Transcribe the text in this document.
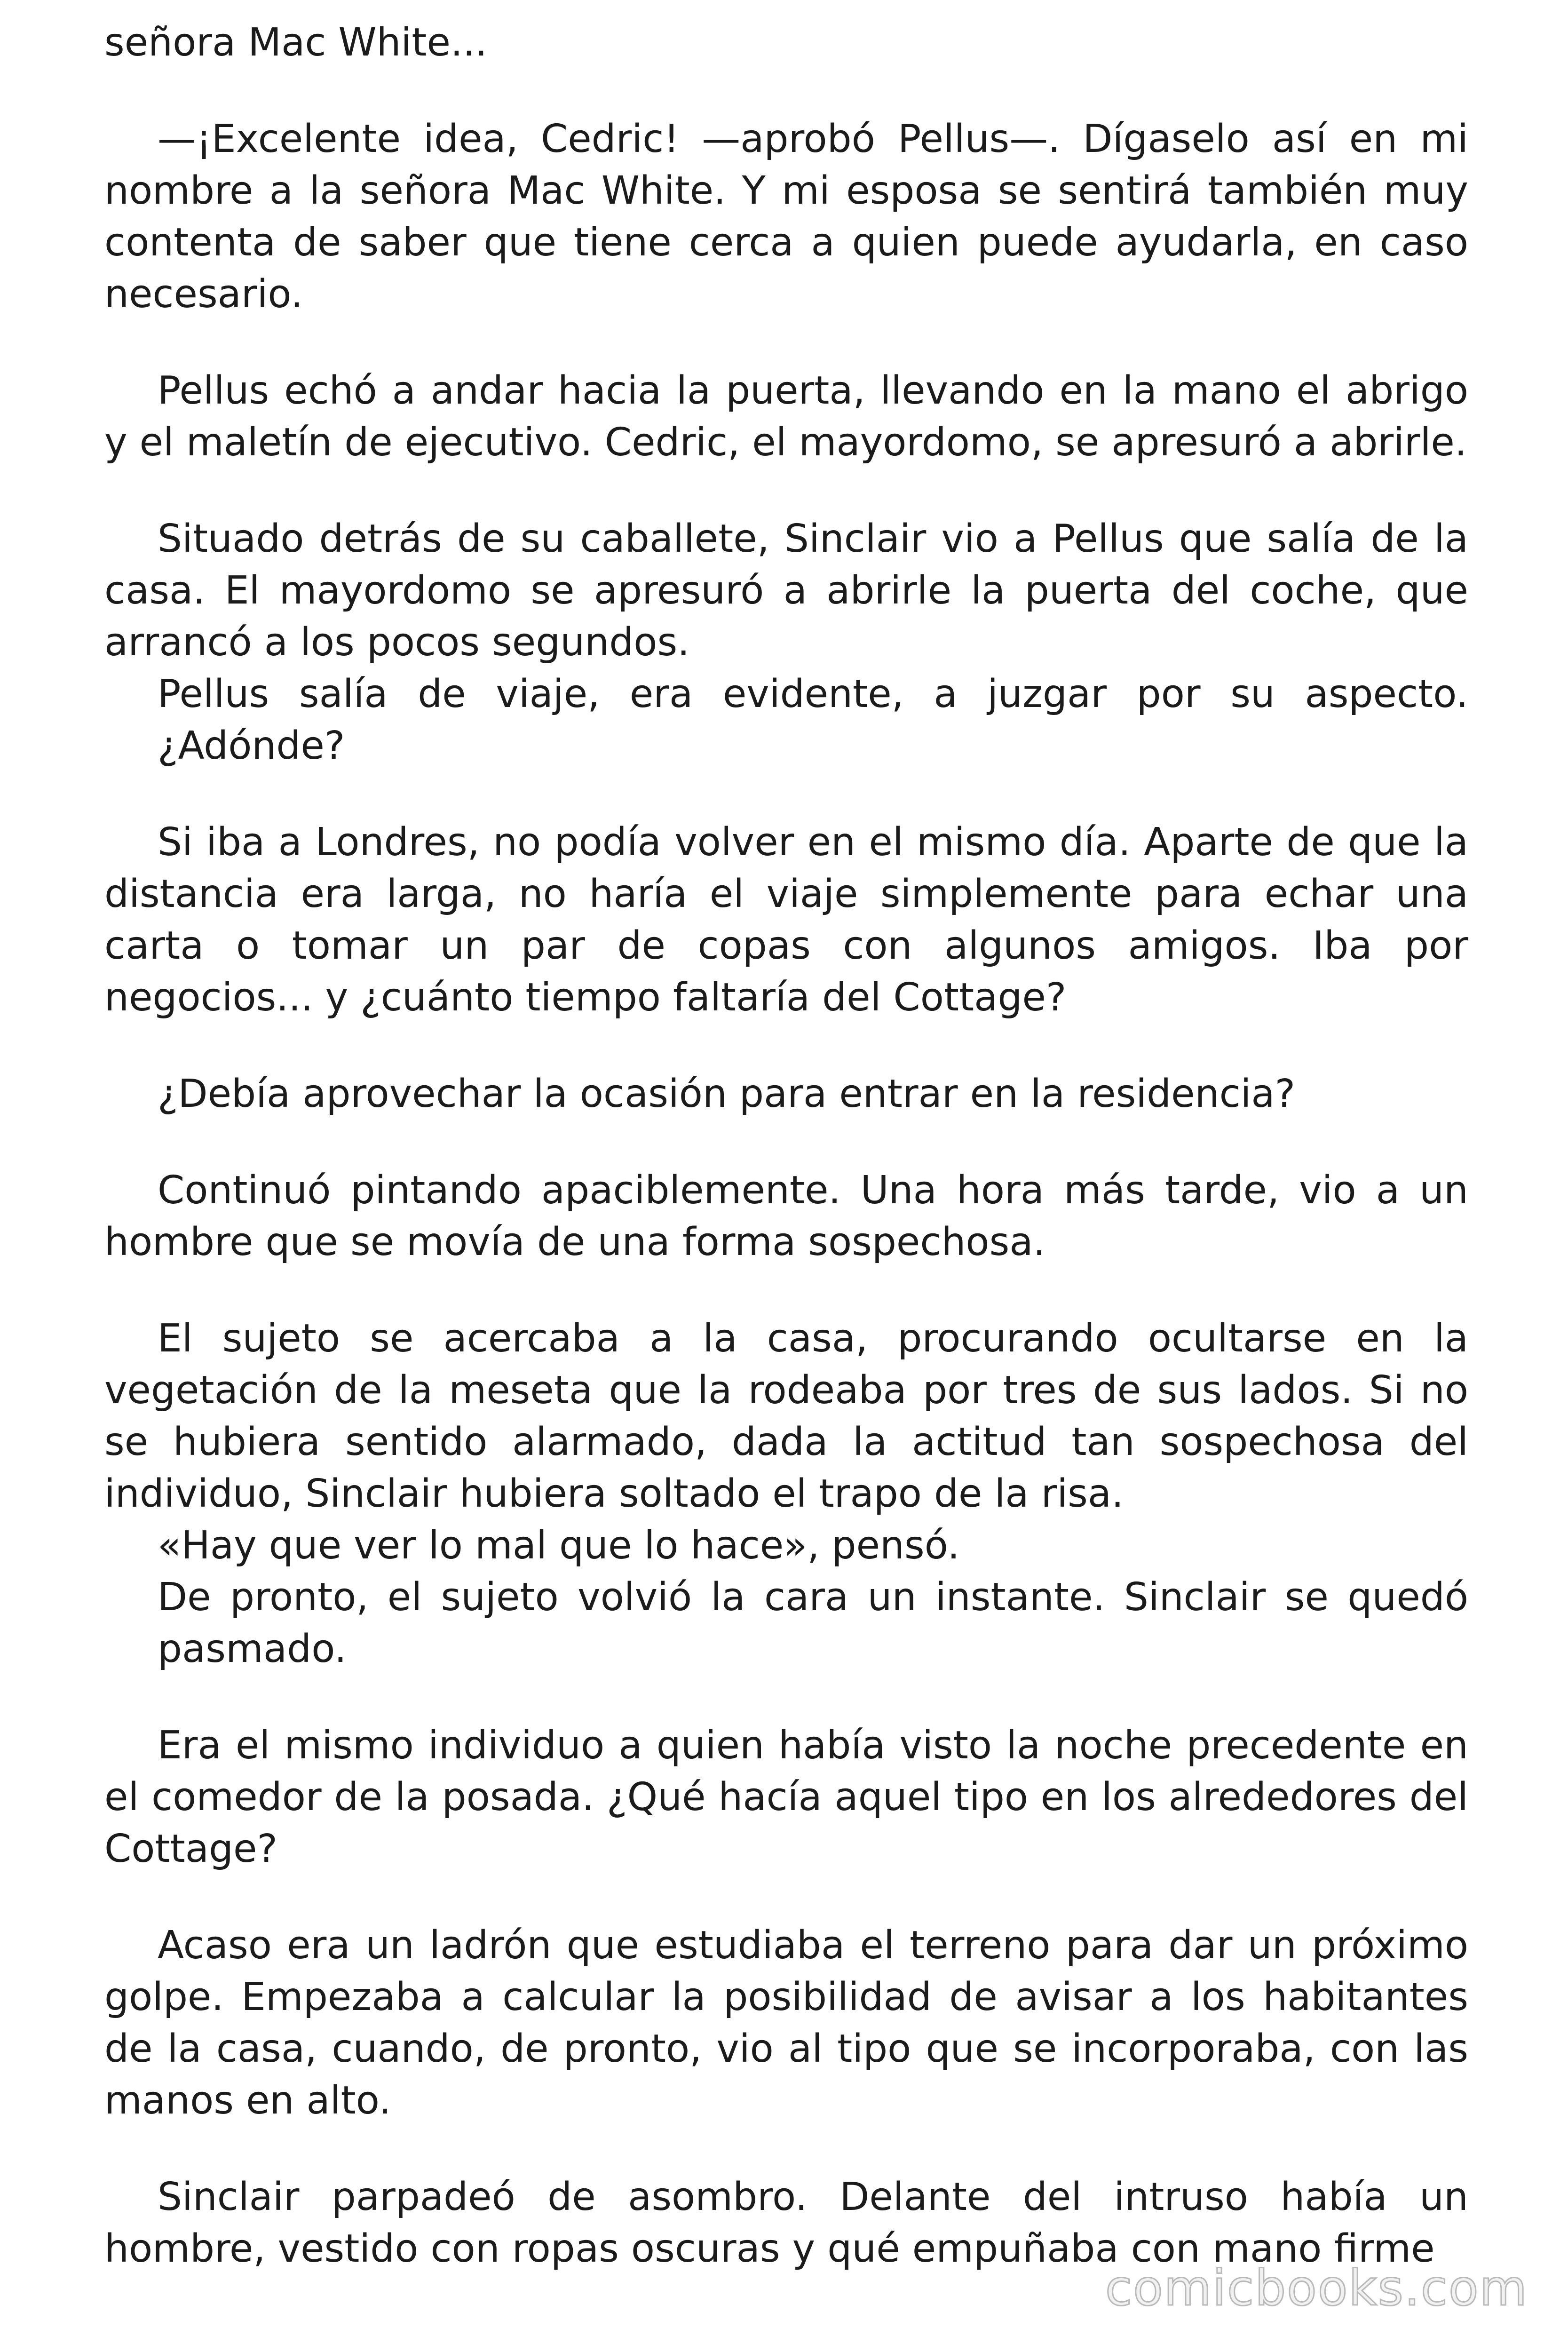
señora Mac White...

—¡Excelente idea, Cedric! —aprobó Pellus—. Dígaselo así en mi nombre a la señora Mac White. Y mi esposa se sentirá también muy contenta de saber que tiene cerca a quien puede ayudarla, en caso necesario.

Pellus echó a andar hacia la puerta, llevando en la mano el abrigo y el maletín de ejecutivo. Cedric, el mayordomo, se apresuró a abrirle.

Situado detrás de su caballete, Sinclair vio a Pellus que salía de la casa. El mayordomo se apresuró a abrirle la puerta del coche, que arrancó a los pocos segundos.

Pellus salía de viaje, era evidente, a juzgar por su aspecto. ¿Adónde?

Si iba a Londres, no podía volver en el mismo día. Aparte de que la distancia era larga, no haría el viaje simplemente para echar una carta o tomar un par de copas con algunos amigos. Iba por negocios... y ¿cuánto tiempo faltaría del Cottage?

¿Debía aprovechar la ocasión para entrar en la residencia?

Continuó pintando apaciblemente. Una hora más tarde, vio a un hombre que se movía de una forma sospechosa.

El sujeto se acercaba a la casa, procurando ocultarse en la vegetación de la meseta que la rodeaba por tres de sus lados. Si no se hubiera sentido alarmado, dada la actitud tan sospechosa del individuo, Sinclair hubiera soltado el trapo de la risa.

«Hay que ver lo mal que lo hace», pensó.

De pronto, el sujeto volvió la cara un instante. Sinclair se quedó pasmado.

Era el mismo individuo a quien había visto la noche precedente en el comedor de la posada. ¿Qué hacía aquel tipo en los alrededores del Cottage?

Acaso era un ladrón que estudiaba el terreno para dar un próximo golpe. Empezaba a calcular la posibilidad de avisar a los habitantes de la casa, cuando, de pronto, vio al tipo que se incorporaba, con las manos en alto.

Sinclair parpadeó de asombro. Delante del intruso había un hombre, vestido con ropas oscuras y qué empuñaba con mano firme

comicbooks.com
